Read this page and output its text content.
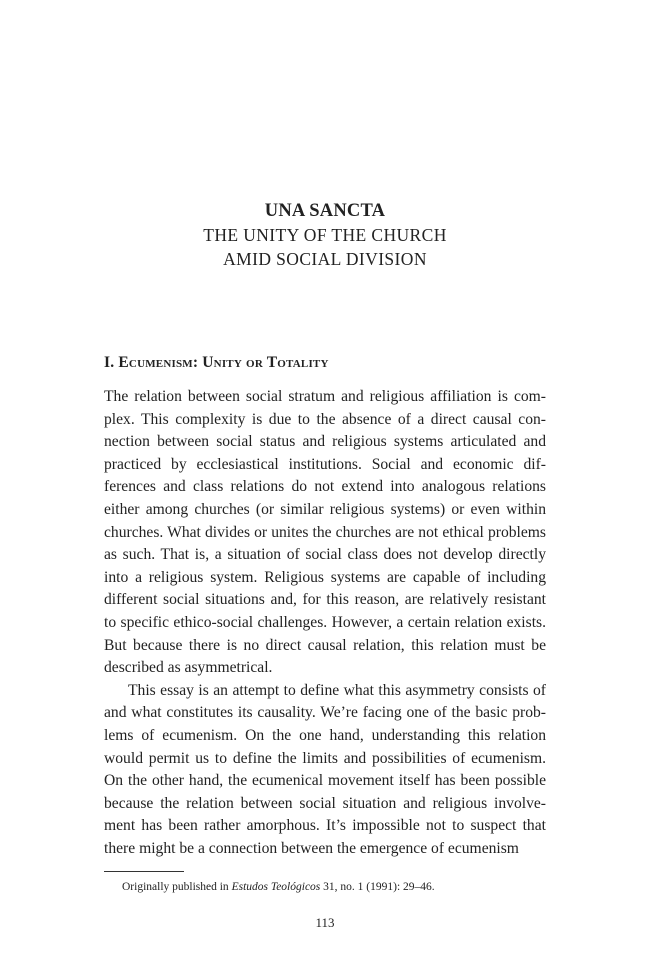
UNA SANCTA
THE UNITY OF THE CHURCH
AMID SOCIAL DIVISION
I. Ecumenism: Unity or Totality

The relation between social stratum and religious affiliation is complex. This complexity is due to the absence of a direct causal connection between social status and religious systems articulated and practiced by ecclesiastical institutions. Social and economic differences and class relations do not extend into analogous relations either among churches (or similar religious systems) or even within churches. What divides or unites the churches are not ethical problems as such. That is, a situation of social class does not develop directly into a religious system. Religious systems are capable of including different social situations and, for this reason, are relatively resistant to specific ethico-social challenges. However, a certain relation exists. But because there is no direct causal relation, this relation must be described as asymmetrical.

This essay is an attempt to define what this asymmetry consists of and what constitutes its causality. We’re facing one of the basic problems of ecumenism. On the one hand, understanding this relation would permit us to define the limits and possibilities of ecumenism. On the other hand, the ecumenical movement itself has been possible because the relation between social situation and religious involvement has been rather amorphous. It’s impossible not to suspect that there might be a connection between the emergence of ecumenism

Originally published in Estudos Teológicos 31, no. 1 (1991): 29–46.
113
